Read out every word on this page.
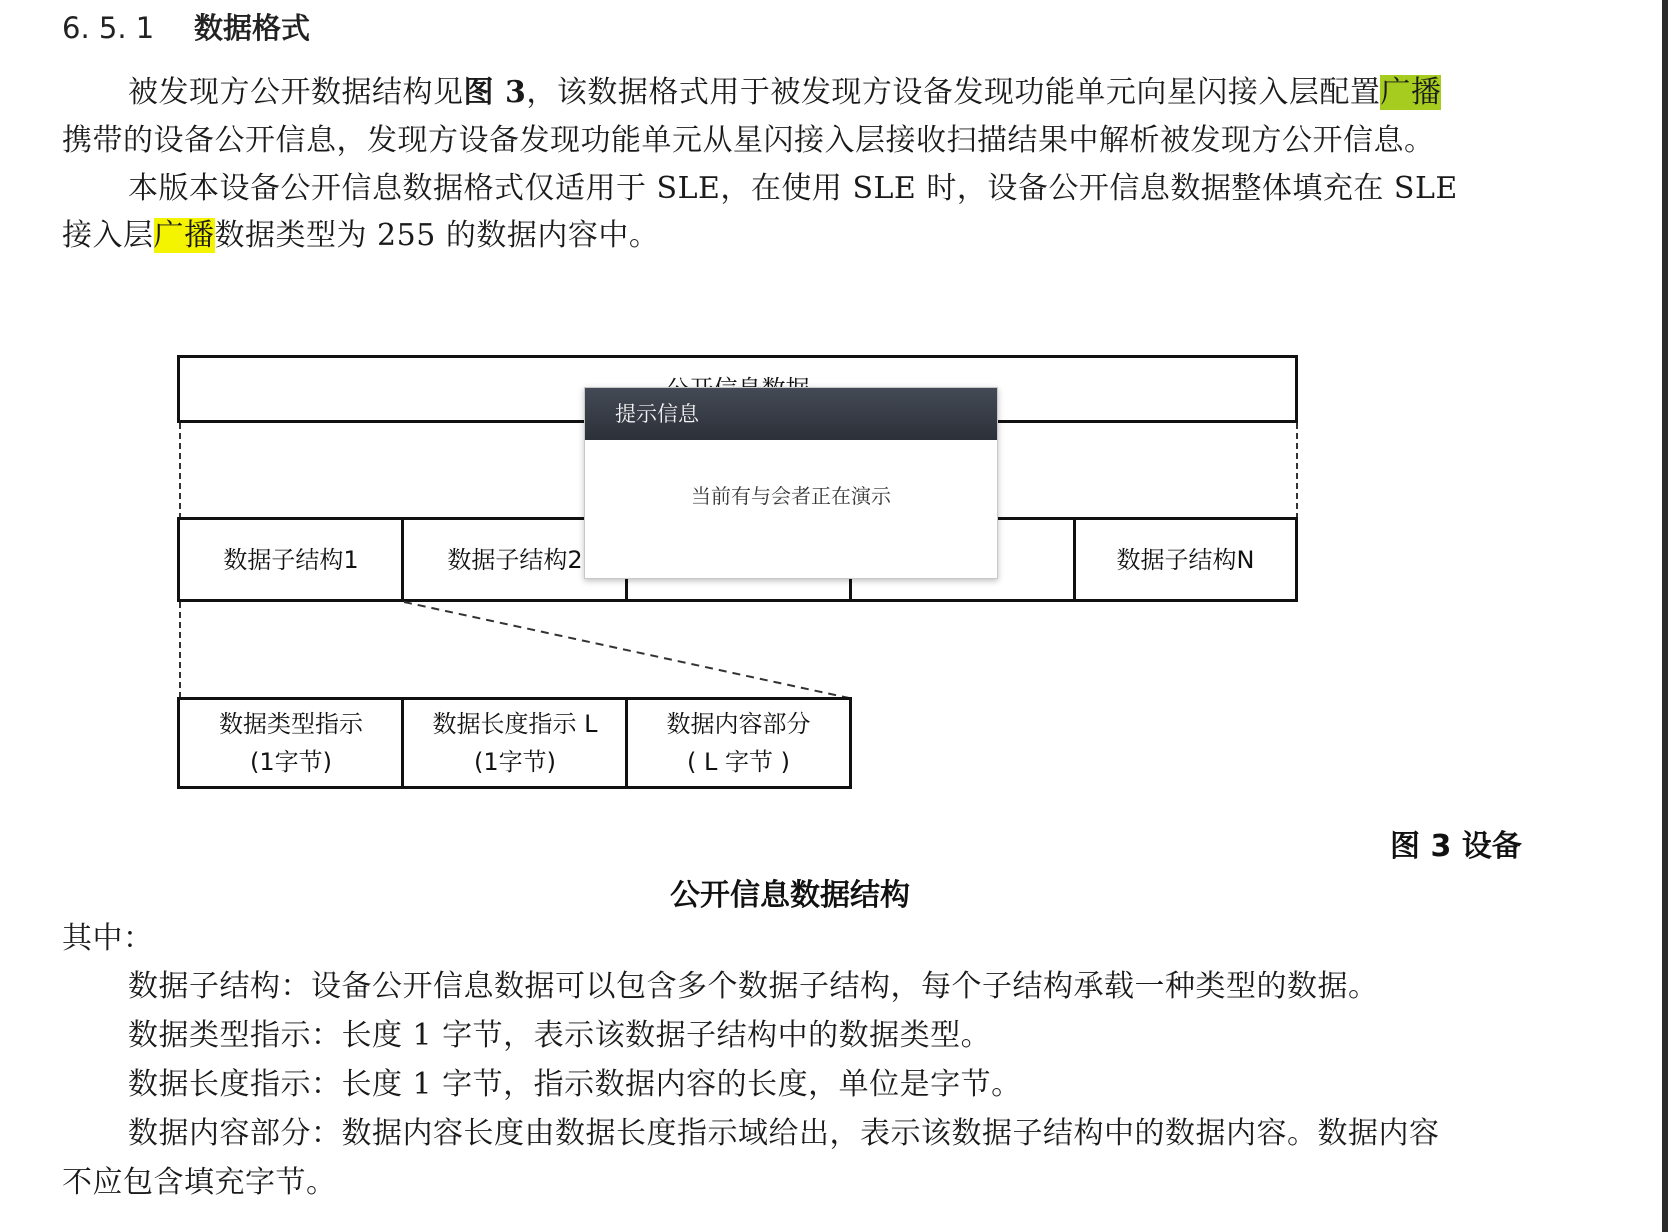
6. 5. 1 数据格式
被发现方公开数据结构见图 3，该数据格式用于被发现方设备发现功能单元向星闪接入层配置广播
携带的设备公开信息，发现方设备发现功能单元从星闪接入层接收扫描结果中解析被发现方公开信息。
本版本设备公开信息数据格式仅适用于 SLE，在使用 SLE 时，设备公开信息数据整体填充在 SLE
接入层广播数据类型为 255 的数据内容中。
数据子结构1	数据子结构2	数据子结构N
数据类型指示
(1字节)
数据长度指示 L
(1字节)
数据内容部分
( L 字节 )
图 3 设备
公开信息数据结构
提示信息
当前有与会者正在演示
其中：
数据子结构：设备公开信息数据可以包含多个数据子结构，每个子结构承载一种类型的数据。
数据类型指示：长度 1 字节，表示该数据子结构中的数据类型。
数据长度指示：长度 1 字节，指示数据内容的长度，单位是字节。
数据内容部分：数据内容长度由数据长度指示域给出，表示该数据子结构中的数据内容。数据内容
不应包含填充字节。
